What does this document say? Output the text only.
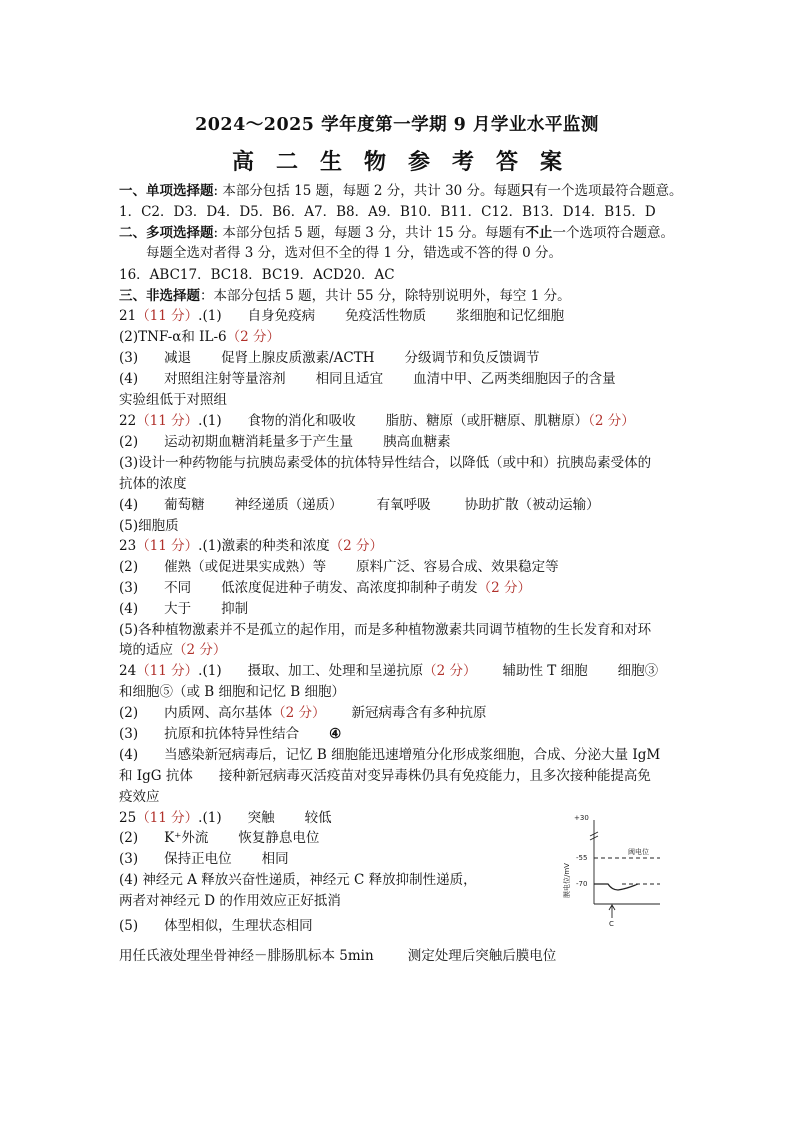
2024～2025 学年度第一学期 9 月学业水平监测
高 二 生 物 参 考 答 案
一、单项选择题: 本部分包括 15 题，每题 2 分，共计 30 分。每题只有一个选项最符合题意。
1．C2．D3．D4．D5．B6．A7．B8．A9．B10．B11．C12．B13．D14．B15．D
二、多项选择题: 本部分包括 5 题，每题 3 分，共计 15 分。每题有不止一个选项符合题意。
每题全选对者得 3 分，选对但不全的得 1 分，错选或不答的得 0 分。
16．ABC17．BC18．BC19．ACD20．AC
三、非选择题：本部分包括 5 题，共计 55 分，除特别说明外，每空 1 分。
21（11 分）.(1) 自身免疫病 免疫活性物质 浆细胞和记忆细胞
(2)TNF-α和 IL-6（2 分）
(3) 减退 促肾上腺皮质激素/ACTH 分级调节和负反馈调节
(4) 对照组注射等量溶剂 相同且适宜 血清中甲、乙两类细胞因子的含量
实验组低于对照组
22（11 分）.(1) 食物的消化和吸收 脂肪、糖原（或肝糖原、肌糖原）（2 分）
(2) 运动初期血糖消耗量多于产生量 胰高血糖素
(3)设计一种药物能与抗胰岛素受体的抗体特异性结合，以降低（或中和）抗胰岛素受体的
抗体的浓度
(4) 葡萄糖 神经递质（递质）	有氧呼吸	协助扩散（被动运输）
(5)细胞质
23（11 分）.(1)激素的种类和浓度（2 分）
(2) 催熟（或促进果实成熟）等 原料广泛、容易合成、效果稳定等
(3) 不同 低浓度促进种子萌发、高浓度抑制种子萌发（2 分）
(4) 大于 抑制
(5)各种植物激素并不是孤立的起作用，而是多种植物激素共同调节植物的生长发育和对环
境的适应（2 分）
24（11 分）.(1) 摄取、加工、处理和呈递抗原（2 分） 辅助性 T 细胞 细胞③
和细胞⑤（或 B 细胞和记忆 B 细胞）
(2) 内质网、高尔基体（2 分） 新冠病毒含有多种抗原
(3) 抗原和抗体特异性结合 ④
(4) 当感染新冠病毒后，记忆 B 细胞能迅速增殖分化形成浆细胞，合成、分泌大量 IgM
和 IgG 抗体 接种新冠病毒灭活疫苗对变异毒株仍具有免疫能力，且多次接种能提高免
疫效应
25（11 分）.(1) 突触 较低
(2) K⁺外流 恢复静息电位
(3) 保持正电位 相同
(4) 神经元 A 释放兴奋性递质，神经元 C 释放抑制性递质，
两者对神经元 D 的作用效应正好抵消
(5) 体型相似，生理状态相同
用任氏液处理坐骨神经－腓肠肌标本 5min	测定处理后突触后膜电位
+30
-55
阈电位
-70
C
膜电位/mV
